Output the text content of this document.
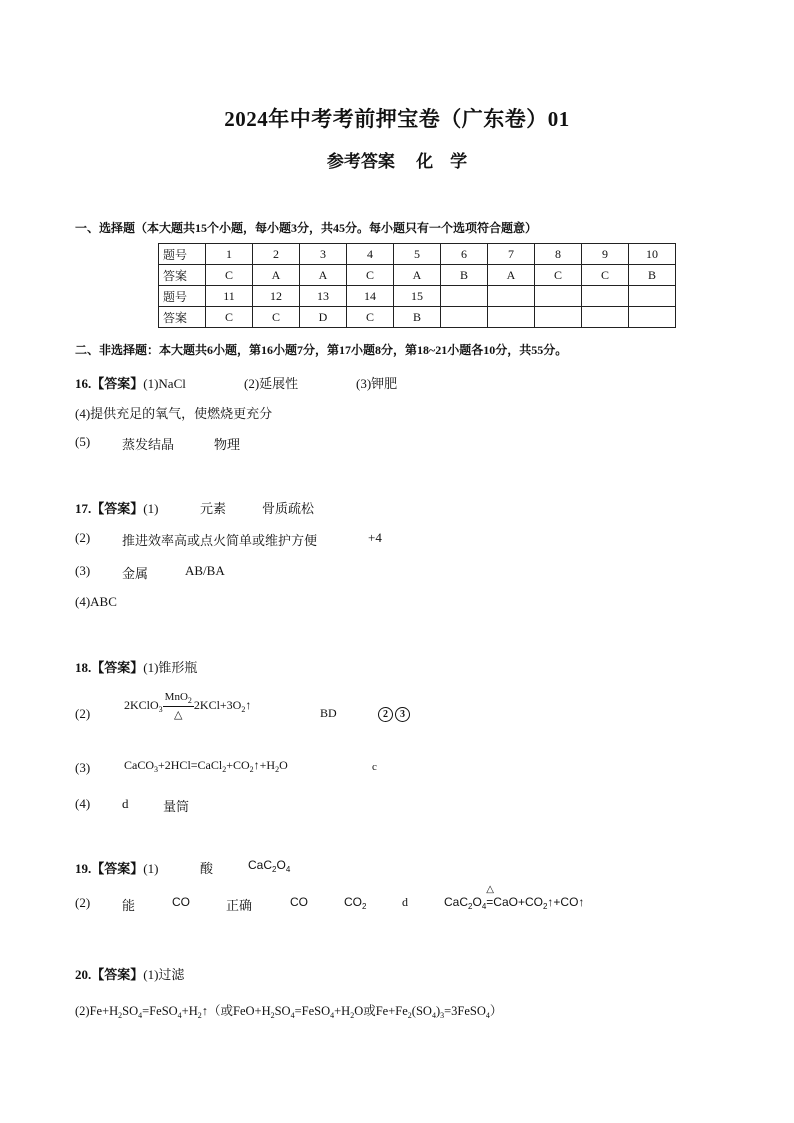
2024年中考考前押宝卷（广东卷）01
参考答案　 化　学
一、选择题（本大题共15个小题，每小题3分，共45分。每小题只有一个选项符合题意）
题号	1	2	3	4	5	6	7	8	9	10
答案	C	A	A	C	A	B	A	C	C	B
题号	11	12	13	14	15					
答案	C	C	D	C	B					
二、非选择题：本大题共6小题，第16小题7分，第17小题8分，第18~21小题各10分，共55分。
16.【答案】(1)NaCl	(2)延展性	(3)钾肥
(4)提供充足的氧气，使燃烧更充分
(5) 蒸发结晶	物理
17.【答案】(1)	元素	骨质疏松
(2) 推进效率高或点火简单或维护方便	+4
(3) 金属	AB/BA
(4)ABC
18.【答案】(1)锥形瓶
(2)
2KClO$_3$ $\frac{MnO_2}{\triangle}$ $2KCl+3O_2↑$
BD	2 3
(3)	$CaCO_3+2HCl=CaCl_2+CO_2↑+H_2O$	c
(4) d	量筒
19.【答案】(1)	酸	$CaC_2O_4$
(2) 能	CO	正确	CO	$CO_2$	d	$CaC_2O_4$
△
$=CaO+CO_2↑+CO↑$
20.【答案】(1)过滤
$(2)Fe+H_2SO_4=FeSO_4+H_2↑$（或$FeO+H_2SO_4=FeSO_4+H_2O$或$Fe+Fe_2(SO_4)_3=3FeSO_4$）
